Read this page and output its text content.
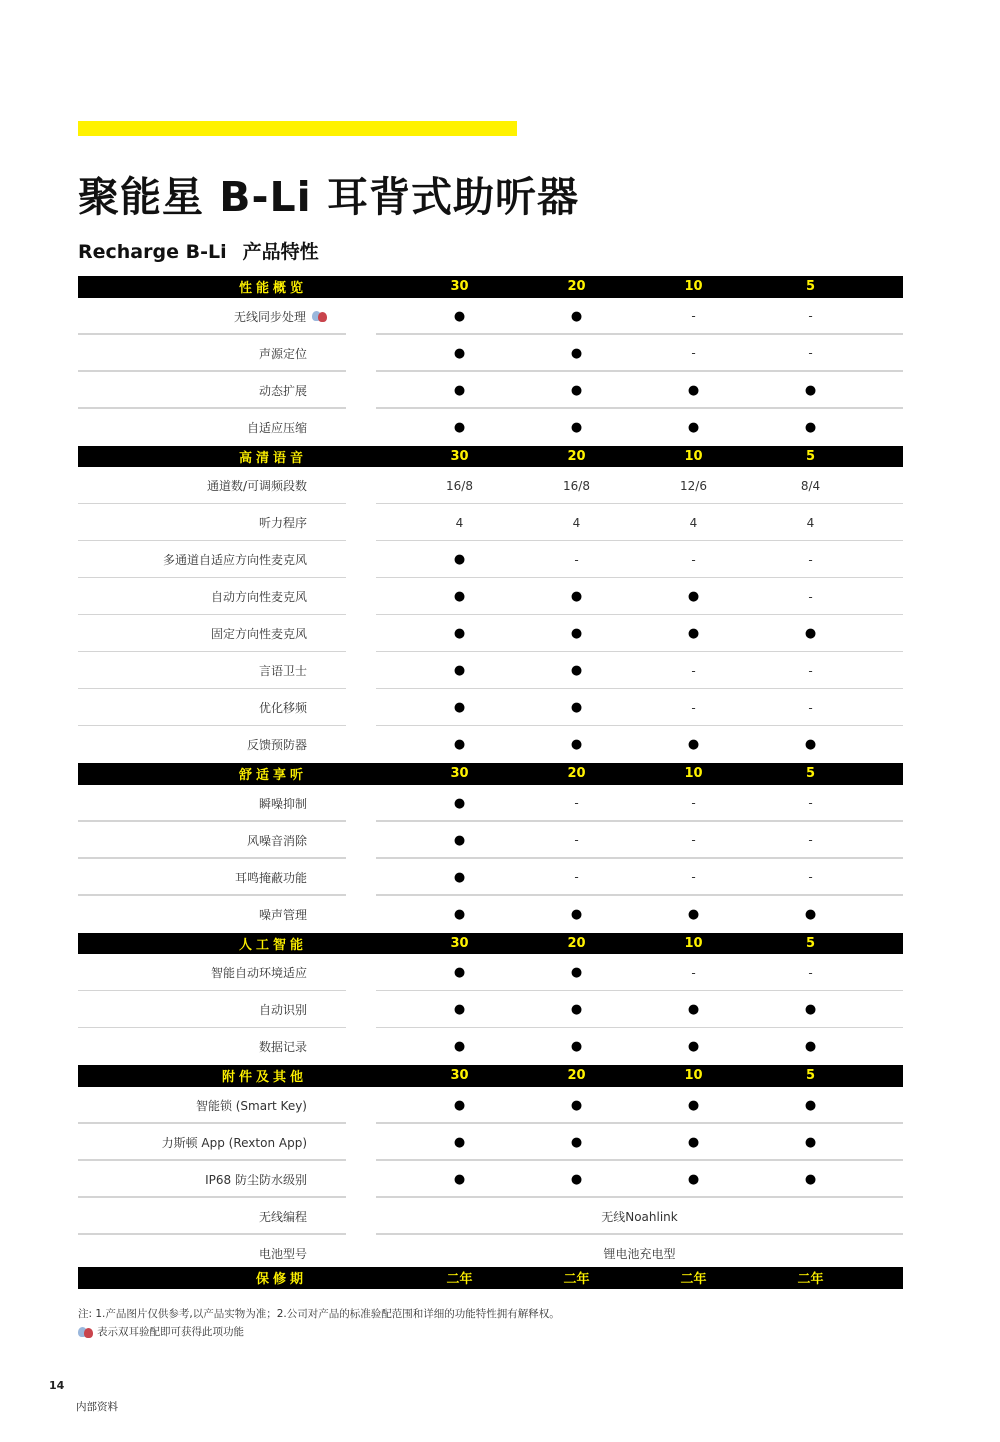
聚能星 B-Li 耳背式助听器
Recharge B-Li 产品特性
性能概览	30	20	10	5
无线同步处理	●	●	-	-
声源定位	●	●	-	-
动态扩展	●	●	●	●
自适应压缩	●	●	●	●
高清语音	30	20	10	5
通道数/可调频段数	16/8	16/8	12/6	8/4
听力程序	4	4	4	4
多通道自适应方向性麦克风	●	-	-	-
自动方向性麦克风	●	●	●	-
固定方向性麦克风	●	●	●	●
言语卫士	●	●	-	-
优化移频	●	●	-	-
反馈预防器	●	●	●	●
舒适享听	30	20	10	5
瞬噪抑制	●	-	-	-
风噪音消除	●	-	-	-
耳鸣掩蔽功能	●	-	-	-
噪声管理	●	●	●	●
人工智能	30	20	10	5
智能自动环境适应	●	●	-	-
自动识别	●	●	●	●
数据记录	●	●	●	●
附件及其他	30	20	10	5
智能锁 (Smart Key)	●	●	●	●
力斯顿 App (Rexton App)	●	●	●	●
IP68 防尘防水级别	●	●	●	●
无线编程	无线Noahlink
电池型号	锂电池充电型
保修期	二年	二年	二年	二年
注: 1.产品图片仅供参考,以产品实物为准；2.公司对产品的标准验配范围和详细的功能特性拥有解释权。
表示双耳验配即可获得此项功能
14
内部资料
